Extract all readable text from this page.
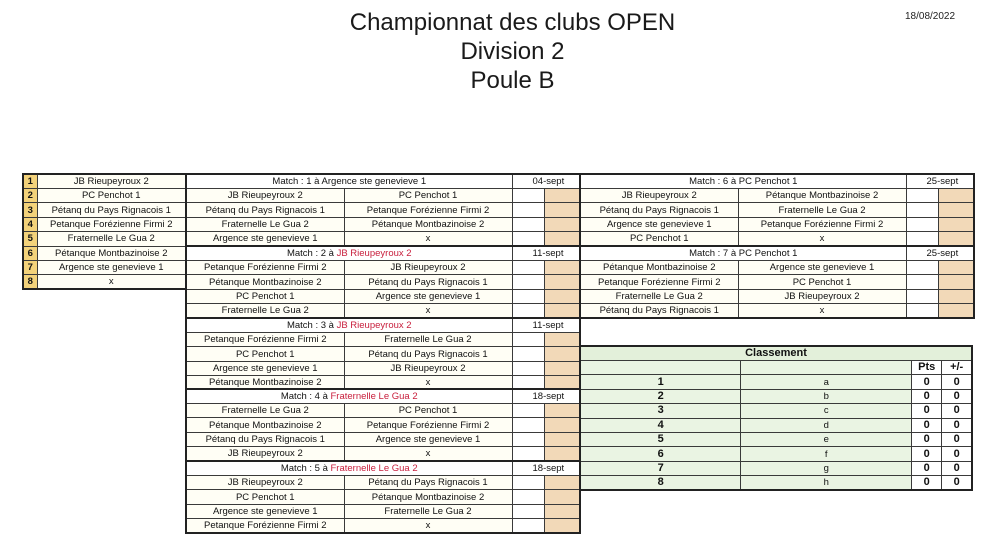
Championnat des clubs OPEN
Division 2
Poule B
18/08/2022
1	JB Rieupeyroux 2
2	PC Penchot 1
3	Pétanq du Pays Rignacois 1
4	Petanque Forézienne Firmi 2
5	Fraternelle Le Gua 2
6	Pétanque Montbazinoise 2
7	Argence ste genevieve 1
8	x
Match : 1 à Argence ste genevieve 1		04-sept	
JB Rieupeyroux 2	PC Penchot 1		
Pétanq du Pays Rignacois 1	Petanque Forézienne Firmi 2		
Fraternelle Le Gua 2	Pétanque Montbazinoise 2		
Argence ste genevieve 1	x		
Match : 2 à JB Rieupeyroux 2		11-sept	
Petanque Forézienne Firmi 2	JB Rieupeyroux 2		
Pétanque Montbazinoise 2	Pétanq du Pays Rignacois 1		
PC Penchot 1	Argence ste genevieve 1		
Fraternelle Le Gua 2	x		
Match : 3 à JB Rieupeyroux 2		11-sept	
Petanque Forézienne Firmi 2	Fraternelle Le Gua 2		
PC Penchot 1	Pétanq du Pays Rignacois 1		
Argence ste genevieve 1	JB Rieupeyroux 2		
Pétanque Montbazinoise 2	x		
Match : 4 à Fraternelle Le Gua 2		18-sept	
Fraternelle Le Gua 2	PC Penchot 1		
Pétanque Montbazinoise 2	Petanque Forézienne Firmi 2		
Pétanq du Pays Rignacois 1	Argence ste genevieve 1		
JB Rieupeyroux 2	x		
Match : 5 à Fraternelle Le Gua 2		18-sept	
JB Rieupeyroux 2	Pétanq du Pays Rignacois 1		
PC Penchot 1	Pétanque Montbazinoise 2		
Argence ste genevieve 1	Fraternelle Le Gua 2		
Petanque Forézienne Firmi 2	x		
Match : 6 à PC Penchot 1		25-sept	
JB Rieupeyroux 2	Pétanque Montbazinoise 2		
Pétanq du Pays Rignacois 1	Fraternelle Le Gua 2		
Argence ste genevieve 1	Petanque Forézienne Firmi 2		
PC Penchot 1	x		
Match : 7 à PC Penchot 1		25-sept	
Pétanque Montbazinoise 2	Argence ste genevieve 1		
Petanque Forézienne Firmi 2	PC Penchot 1		
Fraternelle Le Gua 2	JB Rieupeyroux 2		
Pétanq du Pays Rignacois 1	x		
Classement			
		Pts	+/-
1	a	0	0
2	b	0	0
3	c	0	0
4	d	0	0
5	e	0	0
6	f	0	0
7	g	0	0
8	h	0	0
